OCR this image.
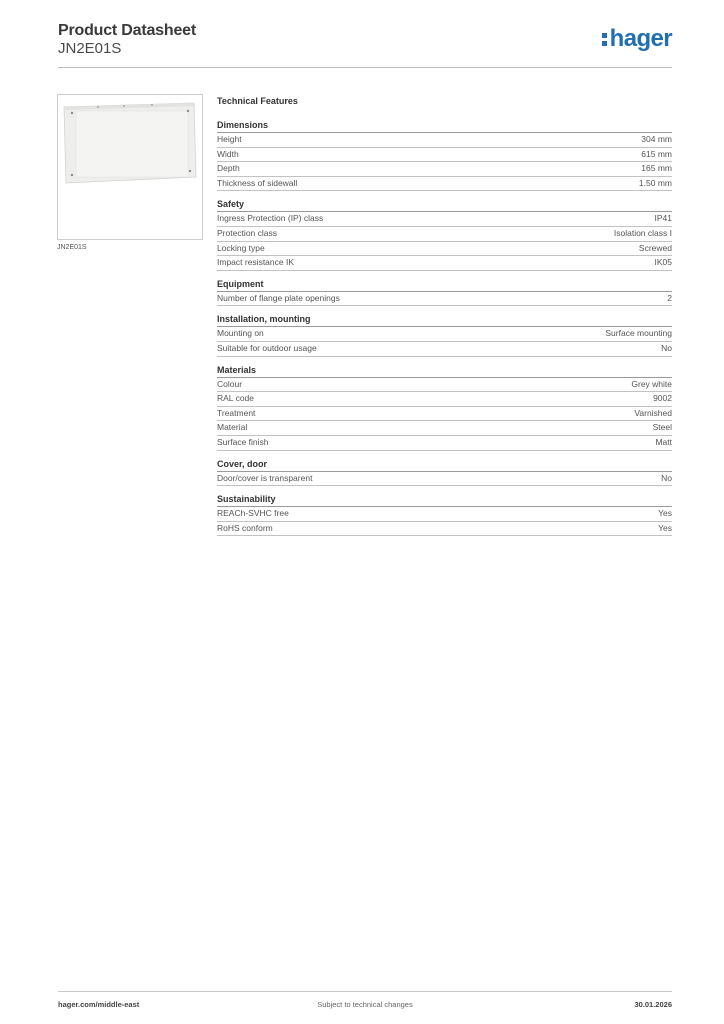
Product Datasheet
JN2E01S	hager
JN2E01S
Technical Features
Dimensions
Height	304 mm
Width	615 mm
Depth	165 mm
Thickness of sidewall	1.50 mm
Safety
Ingress Protection (IP) class	IP41
Protection class	Isolation class I
Locking type	Screwed
Impact resistance IK	IK05
Equipment
Number of flange plate openings	2
Installation, mounting
Mounting on	Surface mounting
Suitable for outdoor usage	No
Materials
Colour	Grey white
RAL code	9002
Treatment	Varnished
Material	Steel
Surface finish	Matt
Cover, door
Door/cover is transparent	No
Sustainability
REACh-SVHC free	Yes
RoHS conform	Yes
hager.com/middle-east	Subject to technical changes	30.01.2026
